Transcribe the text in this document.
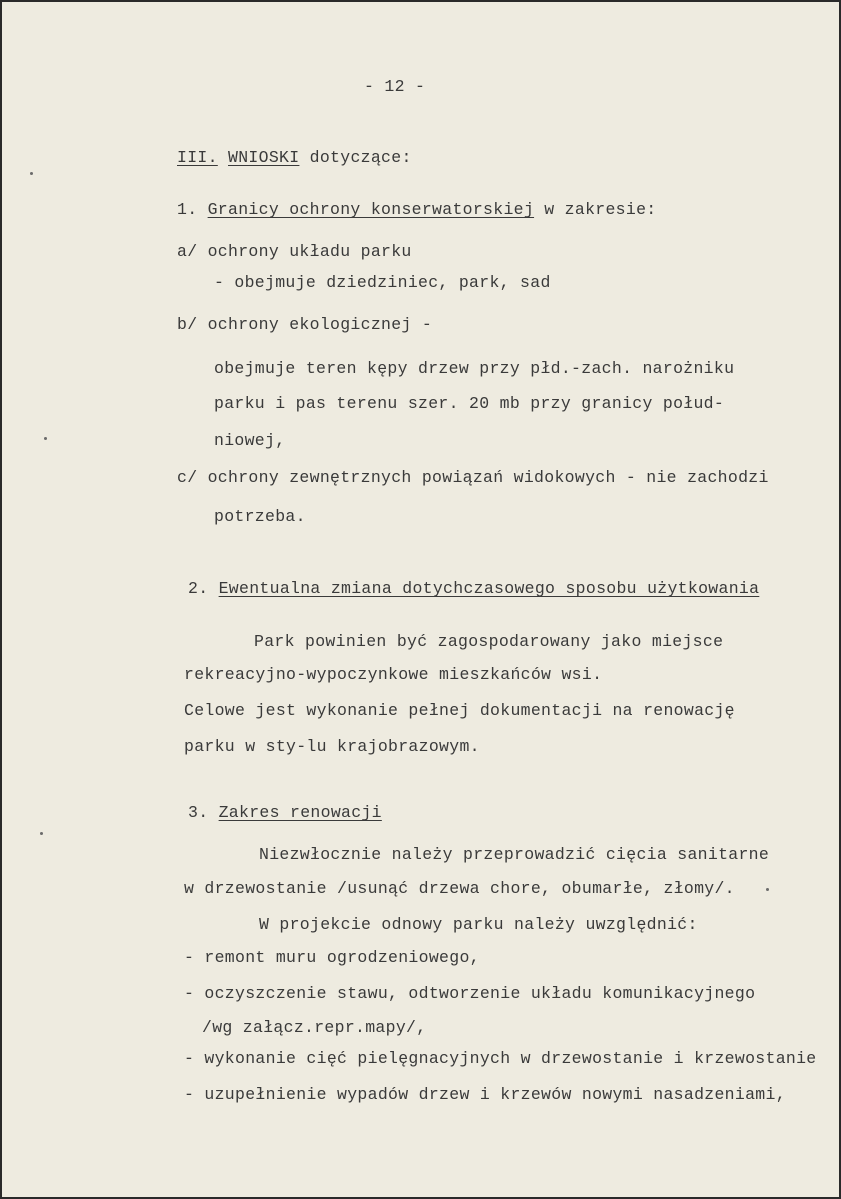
- 12 -
III. WNIOSKI dotyczące:
1. Granicy ochrony konserwatorskiej w zakresie:
a/ ochrony układu parku
- obejmuje dziedziniec, park, sad
b/ ochrony ekologicznej -
obejmuje teren kępy drzew przy płd.-zach. narożniku
parku i pas terenu szer. 20 mb przy granicy połud-
niowej,
c/ ochrony zewnętrznych powiązań widokowych - nie zachodzi
potrzeba.
2. Ewentualna zmiana dotychczasowego sposobu użytkowania
Park powinien być zagospodarowany jako miejsce
rekreacyjno-wypoczynkowe mieszkańców wsi.
Celowe jest wykonanie pełnej dokumentacji na renowację
parku w sty-lu krajobrazowym.
3. Zakres renowacji
Niezwłocznie należy przeprowadzić cięcia sanitarne
w drzewostanie /usunąć drzewa chore, obumarłe, złomy/.
W projekcie odnowy parku należy uwzględnić:
- remont muru ogrodzeniowego,
- oczyszczenie stawu, odtworzenie układu komunikacyjnego
/wg załącz.repr.mapy/,
- wykonanie cięć pielęgnacyjnych w drzewostanie i krzewostanie
- uzupełnienie wypadów drzew i krzewów nowymi nasadzeniami,
